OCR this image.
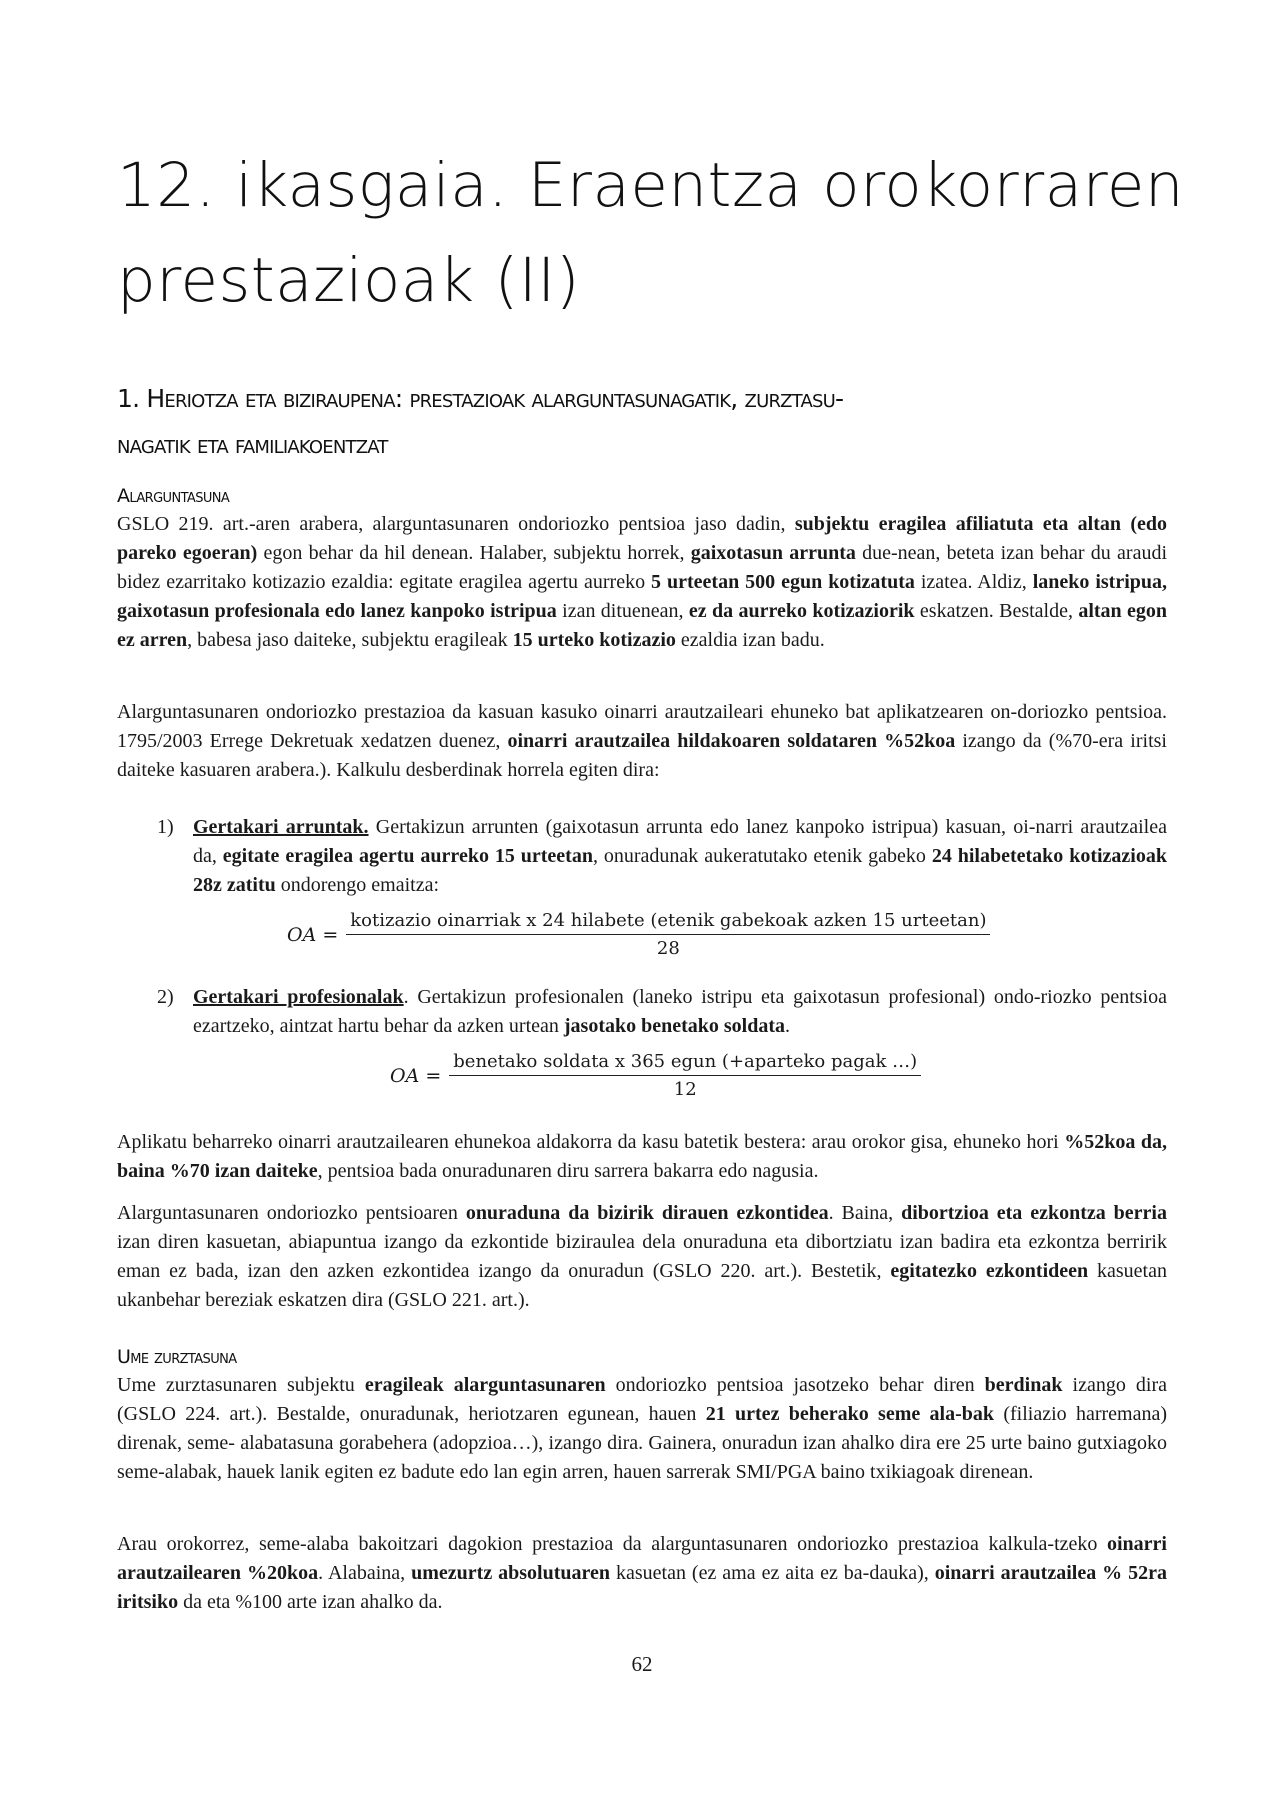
12. ikasgaia. Eraentza orokorraren
prestazioak (II)
1. Heriotza eta biziraupena: prestazioak alarguntasunagatik, zurztasu-
nagatik eta familiakoentzat
Alarguntasuna
GSLO 219. art.-aren arabera, alarguntasunaren ondoriozko pentsioa jaso dadin, subjektu eragilea afiliatuta eta altan (edo pareko egoeran) egon behar da hil denean. Halaber, subjektu horrek, gaixotasun arrunta due-nean, beteta izan behar du araudi bidez ezarritako kotizazio ezaldia: egitate eragilea agertu aurreko 5 urteetan 500 egun kotizatuta izatea. Aldiz, laneko istripua, gaixotasun profesionala edo lanez kanpoko istripua izan dituenean, ez da aurreko kotizaziorik eskatzen. Bestalde, altan egon ez arren, babesa jaso daiteke, subjektu eragileak 15 urteko kotizazio ezaldia izan badu.
Alarguntasunaren ondoriozko prestazioa da kasuan kasuko oinarri arautzaileari ehuneko bat aplikatzearen on-doriozko pentsioa. 1795/2003 Errege Dekretuak xedatzen duenez, oinarri arautzailea hildakoaren soldataren %52koa izango da (%70-era iritsi daiteke kasuaren arabera.). Kalkulu desberdinak horrela egiten dira:
1) Gertakari arruntak. Gertakizun arrunten (gaixotasun arrunta edo lanez kanpoko istripua) kasuan, oi-narri arautzailea da, egitate eragilea agertu aurreko 15 urteetan, onuradunak aukeratutako etenik gabeko 24 hilabetetako kotizazioak 28z zatitu ondorengo emaitza:
OA =
kotizazio oinarriak x 24 hilabete (etenik gabekoak azken 15 urteetan)
28
2) Gertakari profesionalak. Gertakizun profesionalen (laneko istripu eta gaixotasun profesional) ondo-riozko pentsioa ezartzeko, aintzat hartu behar da azken urtean jasotako benetako soldata.
OA = $\frac{\text{benetako soldata x 365 egun (+aparteko pagak …)}}{12}$
Aplikatu beharreko oinarri arautzailearen ehunekoa aldakorra da kasu batetik bestera: arau orokor gisa, ehuneko hori %52koa da, baina %70 izan daiteke, pentsioa bada onuradunaren diru sarrera bakarra edo nagusia.
Alarguntasunaren ondoriozko pentsioaren onuraduna da bizirik dirauen ezkontidea. Baina, dibortzioa eta ezkontza berria izan diren kasuetan, abiapuntua izango da ezkontide biziraulea dela onuraduna eta dibortziatu izan badira eta ezkontza berririk eman ez bada, izan den azken ezkontidea izango da onuradun (GSLO 220. art.). Bestetik, egitatezko ezkontideen kasuetan ukanbehar bereziak eskatzen dira (GSLO 221. art.).
Ume zurztasuna
Ume zurztasunaren subjektu eragileak alarguntasunaren ondoriozko pentsioa jasotzeko behar diren berdinak izango dira (GSLO 224. art.). Bestalde, onuradunak, heriotzaren egunean, hauen 21 urtez beherako seme ala-bak (filiazio harremana) direnak, seme- alabatasuna gorabehera (adopzioa…), izango dira. Gainera, onuradun izan ahalko dira ere 25 urte baino gutxiagoko seme-alabak, hauek lanik egiten ez badute edo lan egin arren, hauen sarrerak SMI/PGA baino txikiagoak direnean.
Arau orokorrez, seme-alaba bakoitzari dagokion prestazioa da alarguntasunaren ondoriozko prestazioa kalkula-tzeko oinarri arautzailearen %20koa. Alabaina, umezurtz absolutuaren kasuetan (ez ama ez aita ez ba-dauka), oinarri arautzailea % 52ra iritsiko da eta %100 arte izan ahalko da.
62
